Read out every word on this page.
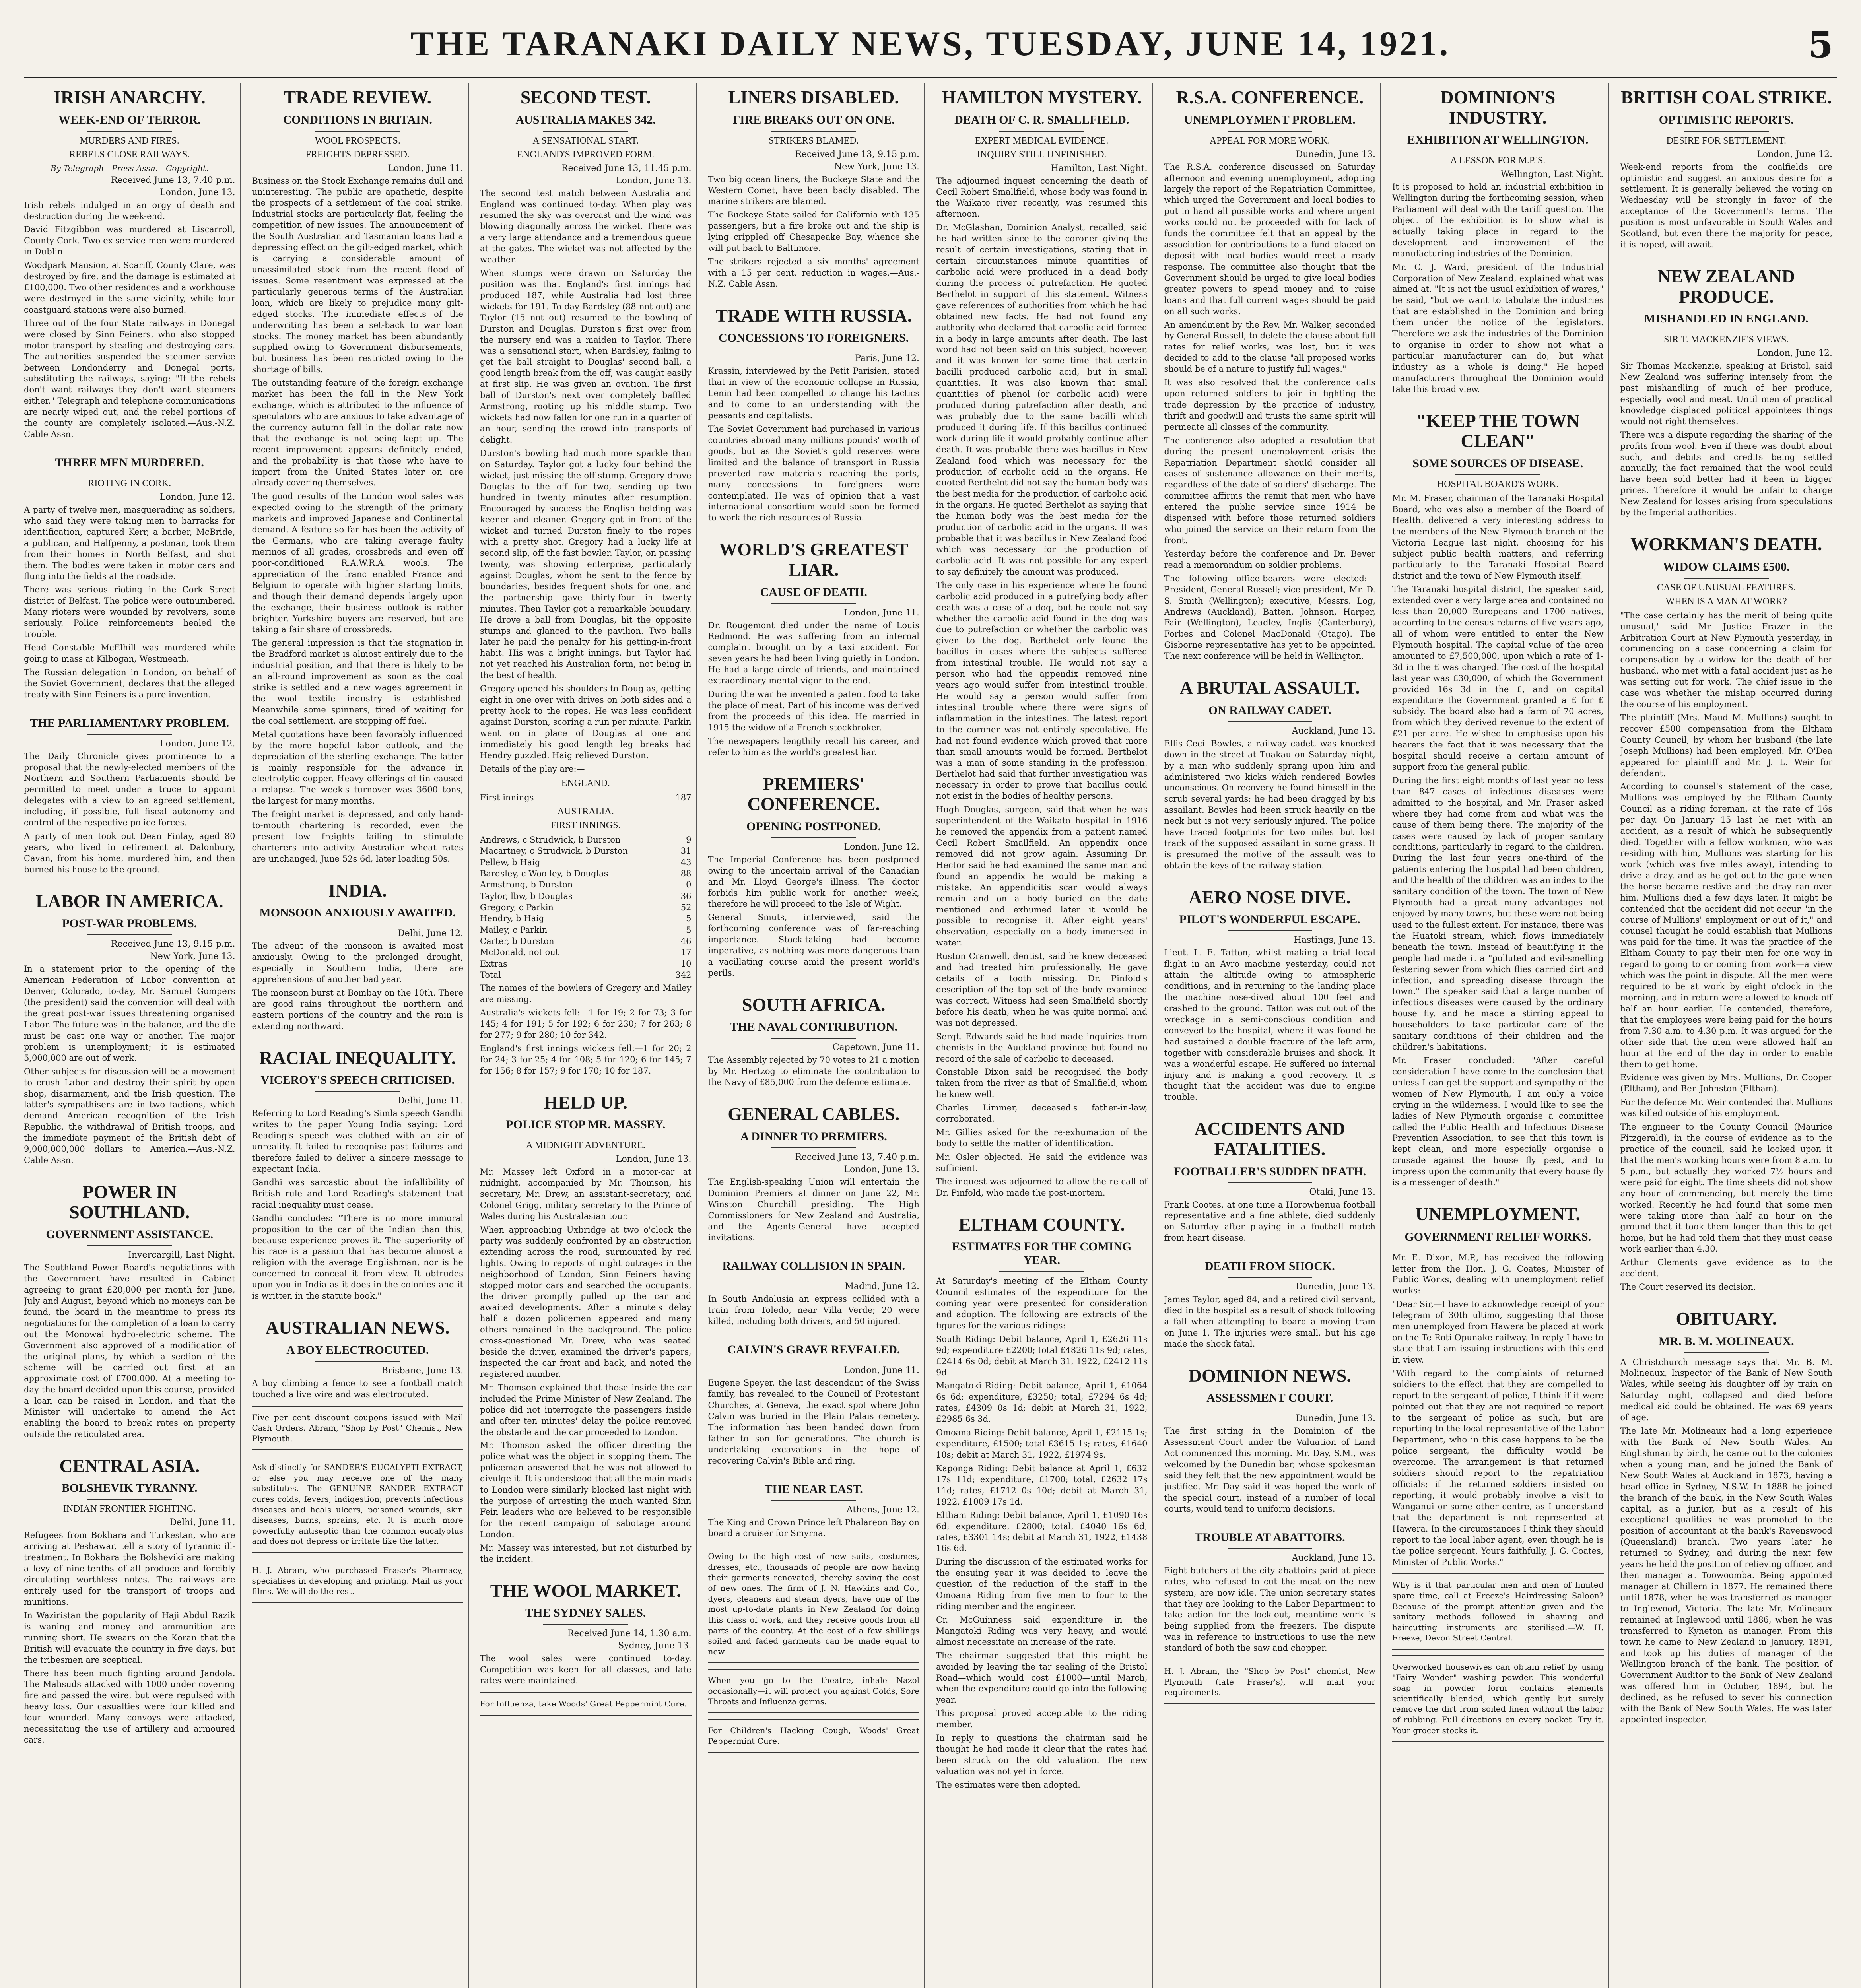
THE TARANAKI DAILY NEWS, TUESDAY, JUNE 14, 1921.	5
IRISH ANARCHY.
WEEK-END OF TERROR.
MURDERS AND FIRES.
REBELS CLOSE RAILWAYS.
By Telegraph—Press Assn.—Copyright.
Received June 13, 7.40 p.m.
London, June 13.

Irish rebels indulged in an orgy of death and destruction during the week-end.

David Fitzgibbon was murdered at Liscarroll, County Cork. Two ex-service men were murdered in Dublin.

Woodpark Mansion, at Scariff, County Clare, was destroyed by fire, and the damage is estimated at £100,000. Two other residences and a workhouse were destroyed in the same vicinity, while four coastguard stations were also burned.

Three out of the four State railways in Donegal were closed by Sinn Feiners, who also stopped motor transport by stealing and destroying cars. The authorities suspended the steamer service between Londonderry and Donegal ports, substituting the railways, saying: "If the rebels don't want railways they don't want steamers either." Telegraph and telephone communications are nearly wiped out, and the rebel portions of the county are completely isolated.—Aus.-N.Z. Cable Assn.

THREE MEN MURDERED.
RIOTING IN CORK.
London, June 12.

A party of twelve men, masquerading as soldiers, who said they were taking men to barracks for identification, captured Kerr, a barber, McBride, a publican, and Halfpenny, a postman, took them from their homes in North Belfast, and shot them. The bodies were taken in motor cars and flung into the fields at the roadside.

There was serious rioting in the Cork Street district of Belfast. The police were outnumbered. Many rioters were wounded by revolvers, some seriously. Police reinforcements healed the trouble.

Head Constable McElhill was murdered while going to mass at Kilbogan, Westmeath.

The Russian delegation in London, on behalf of the Soviet Government, declares that the alleged treaty with Sinn Feiners is a pure invention.

THE PARLIAMENTARY PROBLEM.
London, June 12.

The Daily Chronicle gives prominence to a proposal that the newly-elected members of the Northern and Southern Parliaments should be permitted to meet under a truce to appoint delegates with a view to an agreed settlement, including, if possible, full fiscal autonomy and control of the respective police forces.

A party of men took out Dean Finlay, aged 80 years, who lived in retirement at Dalonbury, Cavan, from his home, murdered him, and then burned his house to the ground.

LABOR IN AMERICA.
POST-WAR PROBLEMS.
Received June 13, 9.15 p.m.
New York, June 13.

In a statement prior to the opening of the American Federation of Labor convention at Denver, Colorado, to-day, Mr. Samuel Gompers (the president) said the convention will deal with the great post-war issues threatening organised Labor. The future was in the balance, and the die must be cast one way or another. The major problem is unemployment; it is estimated 5,000,000 are out of work.

Other subjects for discussion will be a movement to crush Labor and destroy their spirit by open shop, disarmament, and the Irish question. The latter's sympathisers are in two factions, which demand American recognition of the Irish Republic, the withdrawal of British troops, and the immediate payment of the British debt of 9,000,000,000 dollars to America.—Aus.-N.Z. Cable Assn.

POWER IN SOUTHLAND.
GOVERNMENT ASSISTANCE.
Invercargill, Last Night.

The Southland Power Board's negotiations with the Government have resulted in Cabinet agreeing to grant £20,000 per month for June, July and August, beyond which no moneys can be found, the board in the meantime to press its negotiations for the completion of a loan to carry out the Monowai hydro-electric scheme. The Government also approved of a modification of the original plans, by which a section of the scheme will be carried out first at an approximate cost of £700,000. At a meeting to-day the board decided upon this course, provided a loan can be raised in London, and that the Minister will undertake to amend the Act enabling the board to break rates on property outside the reticulated area.

CENTRAL ASIA.
BOLSHEVIK TYRANNY.
INDIAN FRONTIER FIGHTING.
Delhi, June 11.

Refugees from Bokhara and Turkestan, who are arriving at Peshawar, tell a story of tyrannic ill-treatment. In Bokhara the Bolsheviki are making a levy of nine-tenths of all produce and forcibly circulating worthless notes. The railways are entirely used for the transport of troops and munitions.

In Waziristan the popularity of Haji Abdul Razik is waning and money and ammunition are running short. He swears on the Koran that the British will evacuate the country in five days, but the tribesmen are sceptical.

There has been much fighting around Jandola. The Mahsuds attacked with 1000 under covering fire and passed the wire, but were repulsed with heavy loss. Our casualties were four killed and four wounded. Many convoys were attacked, necessitating the use of artillery and armoured cars.

TRADE REVIEW.
CONDITIONS IN BRITAIN.
WOOL PROSPECTS.
FREIGHTS DEPRESSED.
London, June 11.

Business on the Stock Exchange remains dull and uninteresting. The public are apathetic, despite the prospects of a settlement of the coal strike. Industrial stocks are particularly flat, feeling the competition of new issues. The announcement of the South Australian and Tasmanian loans had a depressing effect on the gilt-edged market, which is carrying a considerable amount of unassimilated stock from the recent flood of issues. Some resentment was expressed at the particularly generous terms of the Australian loan, which are likely to prejudice many gilt-edged stocks. The immediate effects of the underwriting has been a set-back to war loan stocks. The money market has been abundantly supplied owing to Government disbursements, but business has been restricted owing to the shortage of bills.

The outstanding feature of the foreign exchange market has been the fall in the New York exchange, which is attributed to the influence of speculators who are anxious to take advantage of the currency autumn fall in the dollar rate now that the exchange is not being kept up. The recent improvement appears definitely ended, and the probability is that those who have to import from the United States later on are already covering themselves.

The good results of the London wool sales was expected owing to the strength of the primary markets and improved Japanese and Continental demand. A feature so far has been the activity of the Germans, who are taking average faulty merinos of all grades, crossbreds and even off poor-conditioned R.A.W.R.A. wools. The appreciation of the franc enabled France and Belgium to operate with higher starting limits, and though their demand depends largely upon the exchange, their business outlook is rather brighter. Yorkshire buyers are reserved, but are taking a fair share of crossbreds.

The general impression is that the stagnation in the Bradford market is almost entirely due to the industrial position, and that there is likely to be an all-round improvement as soon as the coal strike is settled and a new wages agreement in the wool textile industry is established. Meanwhile some spinners, tired of waiting for the coal settlement, are stopping off fuel.

Metal quotations have been favorably influenced by the more hopeful labor outlook, and the depreciation of the sterling exchange. The latter is mainly responsible for the advance in electrolytic copper. Heavy offerings of tin caused a relapse. The week's turnover was 3600 tons, the largest for many months.

The freight market is depressed, and only hand-to-mouth chartering is recorded, even the present low freights failing to stimulate charterers into activity. Australian wheat rates are unchanged, June 52s 6d, later loading 50s.

INDIA.
MONSOON ANXIOUSLY AWAITED.
Delhi, June 12.

The advent of the monsoon is awaited most anxiously. Owing to the prolonged drought, especially in Southern India, there are apprehensions of another bad year.

The monsoon burst at Bombay on the 10th. There are good rains throughout the northern and eastern portions of the country and the rain is extending northward.

RACIAL INEQUALITY.
VICEROY'S SPEECH CRITICISED.
Delhi, June 11.

Referring to Lord Reading's Simla speech Gandhi writes to the paper Young India saying: Lord Reading's speech was clothed with an air of unreality. It failed to recognise past failures and therefore failed to deliver a sincere message to expectant India.

Gandhi was sarcastic about the infallibility of British rule and Lord Reading's statement that racial inequality must cease.

Gandhi concludes: "There is no more immoral proposition to the car of the Indian than this, because experience proves it. The superiority of his race is a passion that has become almost a religion with the average Englishman, nor is he concerned to conceal it from view. It obtrudes upon you in India as it does in the colonies and it is written in the statute book."

AUSTRALIAN NEWS.
A BOY ELECTROCUTED.
Brisbane, June 13.

A boy climbing a fence to see a football match touched a live wire and was electrocuted.

Five per cent discount coupons issued with Mail Cash Orders. Abram, "Shop by Post" Chemist, New Plymouth.

Ask distinctly for SANDER'S EUCALYPTI EXTRACT, or else you may receive one of the many substitutes. The GENUINE SANDER EXTRACT cures colds, fevers, indigestion; prevents infectious diseases and heals ulcers, poisoned wounds, skin diseases, burns, sprains, etc. It is much more powerfully antiseptic than the common eucalyptus and does not depress or irritate like the latter.

H. J. Abram, who purchased Fraser's Pharmacy, specialises in developing and printing. Mail us your films. We will do the rest.

SECOND TEST.
AUSTRALIA MAKES 342.
A SENSATIONAL START.
ENGLAND'S IMPROVED FORM.
Received June 13, 11.45 p.m.
London, June 13.

The second test match between Australia and England was continued to-day. When play was resumed the sky was overcast and the wind was blowing diagonally across the wicket. There was a very large attendance and a tremendous queue at the gates. The wicket was not affected by the weather.

When stumps were drawn on Saturday the position was that England's first innings had produced 187, while Australia had lost three wickets for 191. To-day Bardsley (88 not out) and Taylor (15 not out) resumed to the bowling of Durston and Douglas. Durston's first over from the nursery end was a maiden to Taylor. There was a sensational start, when Bardsley, failing to get the ball straight to Douglas' second ball, a good length break from the off, was caught easily at first slip. He was given an ovation. The first ball of Durston's next over completely baffled Armstrong, rooting up his middle stump. Two wickets had now fallen for one run in a quarter of an hour, sending the crowd into transports of delight.

Durston's bowling had much more sparkle than on Saturday. Taylor got a lucky four behind the wicket, just missing the off stump. Gregory drove Douglas to the off for two, sending up two hundred in twenty minutes after resumption. Encouraged by success the English fielding was keener and cleaner. Gregory got in front of the wicket and turned Durston finely to the ropes with a pretty shot. Gregory had a lucky life at second slip, off the fast bowler. Taylor, on passing twenty, was showing enterprise, particularly against Douglas, whom he sent to the fence by boundaries, besides frequent shots for one, and the partnership gave thirty-four in twenty minutes. Then Taylor got a remarkable boundary. He drove a ball from Douglas, hit the opposite stumps and glanced to the pavilion. Two balls later he paid the penalty for his getting-in-front habit. His was a bright innings, but Taylor had not yet reached his Australian form, not being in the best of health.

Gregory opened his shoulders to Douglas, getting eight in one over with drives on both sides and a pretty hook to the ropes. He was less confident against Durston, scoring a run per minute. Parkin went on in place of Douglas at one and immediately his good length leg breaks had Hendry puzzled. Haig relieved Durston.

Details of the play are:—

ENGLAND.
First innings	187
AUSTRALIA.
FIRST INNINGS.
Andrews, c Strudwick, b Durston	9
Macartney, c Strudwick, b Durston	31
Pellew, b Haig	43
Bardsley, c Woolley, b Douglas	88
Armstrong, b Durston	0
Taylor, lbw, b Douglas	36
Gregory, c Parkin	52
Hendry, b Haig	5
Mailey, c Parkin	5
Carter, b Durston	46
McDonald, not out	17
Extras	10
Total	342

The names of the bowlers of Gregory and Mailey are missing.

Australia's wickets fell:—1 for 19; 2 for 73; 3 for 145; 4 for 191; 5 for 192; 6 for 230; 7 for 263; 8 for 277; 9 for 280; 10 for 342.

England's first innings wickets fell:—1 for 20; 2 for 24; 3 for 25; 4 for 108; 5 for 120; 6 for 145; 7 for 156; 8 for 157; 9 for 170; 10 for 187.

HELD UP.
POLICE STOP MR. MASSEY.
A MIDNIGHT ADVENTURE.
London, June 13.

Mr. Massey left Oxford in a motor-car at midnight, accompanied by Mr. Thomson, his secretary, Mr. Drew, an assistant-secretary, and Colonel Grigg, military secretary to the Prince of Wales during his Australasian tour.

When approaching Uxbridge at two o'clock the party was suddenly confronted by an obstruction extending across the road, surmounted by red lights. Owing to reports of night outrages in the neighborhood of London, Sinn Feiners having stopped motor cars and searched the occupants, the driver promptly pulled up the car and awaited developments. After a minute's delay half a dozen policemen appeared and many others remained in the background. The police cross-questioned Mr. Drew, who was seated beside the driver, examined the driver's papers, inspected the car front and back, and noted the registered number.

Mr. Thomson explained that those inside the car included the Prime Minister of New Zealand. The police did not interrogate the passengers inside and after ten minutes' delay the police removed the obstacle and the car proceeded to London.

Mr. Thomson asked the officer directing the police what was the object in stopping them. The policeman answered that he was not allowed to divulge it. It is understood that all the main roads to London were similarly blocked last night with the purpose of arresting the much wanted Sinn Fein leaders who are believed to be responsible for the recent campaign of sabotage around London.

Mr. Massey was interested, but not disturbed by the incident.

THE WOOL MARKET.
THE SYDNEY SALES.
Received June 14, 1.30 a.m.
Sydney, June 13.

The wool sales were continued to-day. Competition was keen for all classes, and late rates were maintained.

For Influenza, take Woods' Great Peppermint Cure.

LINERS DISABLED.
FIRE BREAKS OUT ON ONE.
STRIKERS BLAMED.
Received June 13, 9.15 p.m.
New York, June 13.

Two big ocean liners, the Buckeye State and the Western Comet, have been badly disabled. The marine strikers are blamed.

The Buckeye State sailed for California with 135 passengers, but a fire broke out and the ship is lying crippled off Chesapeake Bay, whence she will put back to Baltimore.

The strikers rejected a six months' agreement with a 15 per cent. reduction in wages.—Aus.-N.Z. Cable Assn.

TRADE WITH RUSSIA.
CONCESSIONS TO FOREIGNERS.
Paris, June 12.

Krassin, interviewed by the Petit Parisien, stated that in view of the economic collapse in Russia, Lenin had been compelled to change his tactics and to come to an understanding with the peasants and capitalists.

The Soviet Government had purchased in various countries abroad many millions pounds' worth of goods, but as the Soviet's gold reserves were limited and the balance of transport in Russia prevented raw materials reaching the ports, many concessions to foreigners were contemplated. He was of opinion that a vast international consortium would soon be formed to work the rich resources of Russia.

WORLD'S GREATEST LIAR.
CAUSE OF DEATH.
London, June 11.

Dr. Rougemont died under the name of Louis Redmond. He was suffering from an internal complaint brought on by a taxi accident. For seven years he had been living quietly in London. He had a large circle of friends, and maintained extraordinary mental vigor to the end.

During the war he invented a patent food to take the place of meat. Part of his income was derived from the proceeds of this idea. He married in 1915 the widow of a French stockbroker.

The newspapers lengthily recall his career, and refer to him as the world's greatest liar.

PREMIERS' CONFERENCE.
OPENING POSTPONED.
London, June 12.

The Imperial Conference has been postponed owing to the uncertain arrival of the Canadian and Mr. Lloyd George's illness. The doctor forbids him public work for another week, therefore he will proceed to the Isle of Wight.

General Smuts, interviewed, said the forthcoming conference was of far-reaching importance. Stock-taking had become imperative, as nothing was more dangerous than a vacillating course amid the present world's perils.

SOUTH AFRICA.
THE NAVAL CONTRIBUTION.
Capetown, June 11.

The Assembly rejected by 70 votes to 21 a motion by Mr. Hertzog to eliminate the contribution to the Navy of £85,000 from the defence estimate.

GENERAL CABLES.
A DINNER TO PREMIERS.
Received June 13, 7.40 p.m.
London, June 13.

The English-speaking Union will entertain the Dominion Premiers at dinner on June 22, Mr. Winston Churchill presiding. The High Commissioners for New Zealand and Australia, and the Agents-General have accepted invitations.

RAILWAY COLLISION IN SPAIN.
Madrid, June 12.

In South Andalusia an express collided with a train from Toledo, near Villa Verde; 20 were killed, including both drivers, and 50 injured.

CALVIN'S GRAVE REVEALED.
London, June 11.

Eugene Speyer, the last descendant of the Swiss family, has revealed to the Council of Protestant Churches, at Geneva, the exact spot where John Calvin was buried in the Plain Palais cemetery. The information has been handed down from father to son for generations. The church is undertaking excavations in the hope of recovering Calvin's Bible and ring.

THE NEAR EAST.
Athens, June 12.

The King and Crown Prince left Phalareon Bay on board a cruiser for Smyrna.

Owing to the high cost of new suits, costumes, dresses, etc., thousands of people are now having their garments renovated, thereby saving the cost of new ones. The firm of J. N. Hawkins and Co., dyers, cleaners and steam dyers, have one of the most up-to-date plants in New Zealand for doing this class of work, and they receive goods from all parts of the country. At the cost of a few shillings soiled and faded garments can be made equal to new.

When you go to the theatre, inhale Nazol occasionally—it will protect you against Colds, Sore Throats and Influenza germs.

For Children's Hacking Cough, Woods' Great Peppermint Cure.

HAMILTON MYSTERY.
DEATH OF C. R. SMALLFIELD.
EXPERT MEDICAL EVIDENCE.
INQUIRY STILL UNFINISHED.
Hamilton, Last Night.

The adjourned inquest concerning the death of Cecil Robert Smallfield, whose body was found in the Waikato river recently, was resumed this afternoon.

Dr. McGlashan, Dominion Analyst, recalled, said he had written since to the coroner giving the result of certain investigations, stating that in certain circumstances minute quantities of carbolic acid were produced in a dead body during the process of putrefaction. He quoted Berthelot in support of this statement. Witness gave references of authorities from which he had obtained new facts. He had not found any authority who declared that carbolic acid formed in a body in large amounts after death. The last word had not been said on this subject, however, and it was known for some time that certain bacilli produced carbolic acid, but in small quantities. It was also known that small quantities of phenol (or carbolic acid) were produced during putrefaction after death, and was probably due to the same bacilli which produced it during life. If this bacillus continued work during life it would probably continue after death. It was probable there was bacillus in New Zealand food which was necessary for the production of carbolic acid in the organs. He quoted Berthelot did not say the human body was the best media for the production of carbolic acid in the organs. He quoted Berthelot as saying that the human body was the best media for the production of carbolic acid in the organs. It was probable that it was bacillus in New Zealand food which was necessary for the production of carbolic acid. It was not possible for any expert to say definitely the amount was produced.

The only case in his experience where he found carbolic acid produced in a putrefying body after death was a case of a dog, but he could not say whether the carbolic acid found in the dog was due to putrefaction or whether the carbolic was given to the dog. Berthelot only found the bacillus in cases where the subjects suffered from intestinal trouble. He would not say a person who had the appendix removed nine years ago would suffer from intestinal trouble. He would say a person would suffer from intestinal trouble where there were signs of inflammation in the intestines. The latest report to the coroner was not entirely speculative. He had not found evidence which proved that more than small amounts would be formed. Berthelot was a man of some standing in the profession. Berthelot had said that further investigation was necessary in order to prove that bacillus could not exist in the bodies of healthy persons.

Hugh Douglas, surgeon, said that when he was superintendent of the Waikato hospital in 1916 he removed the appendix from a patient named Cecil Robert Smallfield. An appendix once removed did not grow again. Assuming Dr. Hector said he had examined the same man and found an appendix he would be making a mistake. An appendicitis scar would always remain and on a body buried on the date mentioned and exhumed later it would be possible to recognise it. After eight years' observation, especially on a body immersed in water.

Ruston Cranwell, dentist, said he knew deceased and had treated him professionally. He gave details of a tooth missing. Dr. Pinfold's description of the top set of the body examined was correct. Witness had seen Smallfield shortly before his death, when he was quite normal and was not depressed.

Sergt. Edwards said he had made inquiries from chemists in the Auckland province but found no record of the sale of carbolic to deceased.

Constable Dixon said he recognised the body taken from the river as that of Smallfield, whom he knew well.

Charles Limmer, deceased's father-in-law, corroborated.

Mr. Gillies asked for the re-exhumation of the body to settle the matter of identification.

Mr. Osler objected. He said the evidence was sufficient.

The inquest was adjourned to allow the re-call of Dr. Pinfold, who made the post-mortem.

ELTHAM COUNTY.
ESTIMATES FOR THE COMING YEAR.

At Saturday's meeting of the Eltham County Council estimates of the expenditure for the coming year were presented for consideration and adoption. The following are extracts of the figures for the various ridings:

South Riding: Debit balance, April 1, £2626 11s 9d; expenditure £2200; total £4826 11s 9d; rates, £2414 6s 0d; debit at March 31, 1922, £2412 11s 9d.

Mangatoki Riding: Debit balance, April 1, £1064 6s 6d; expenditure, £3250; total, £7294 6s 4d; rates, £4309 0s 1d; debit at March 31, 1922, £2985 6s 3d.

Omoana Riding: Debit balance, April 1, £2115 1s; expenditure, £1500; total £3615 1s; rates, £1640 10s; debit at March 31, 1922, £1974 9s.

Kaponga Riding: Debit balance at April 1, £632 17s 11d; expenditure, £1700; total, £2632 17s 11d; rates, £1712 0s 10d; debit at March 31, 1922, £1009 17s 1d.

Eltham Riding: Debit balance, April 1, £1090 16s 6d; expenditure, £2800; total, £4040 16s 6d; rates, £3301 14s; debit at March 31, 1922, £1438 16s 6d.

During the discussion of the estimated works for the ensuing year it was decided to leave the question of the reduction of the staff in the Omoana Riding from five men to four to the riding member and the engineer.

Cr. McGuinness said expenditure in the Mangatoki Riding was very heavy, and would almost necessitate an increase of the rate.

The chairman suggested that this might be avoided by leaving the tar sealing of the Bristol Road—which would cost £1000—until March, when the expenditure could go into the following year.

This proposal proved acceptable to the riding member.

In reply to questions the chairman said he thought he had made it clear that the rates had been struck on the old valuation. The new valuation was not yet in force.

The estimates were then adopted.

R.S.A. CONFERENCE.
UNEMPLOYMENT PROBLEM.
APPEAL FOR MORE WORK.
Dunedin, June 13.

The R.S.A. conference discussed on Saturday afternoon and evening unemployment, adopting largely the report of the Repatriation Committee, which urged the Government and local bodies to put in hand all possible works and where urgent works could not be proceeded with for lack of funds the committee felt that an appeal by the association for contributions to a fund placed on deposit with local bodies would meet a ready response. The committee also thought that the Government should be urged to give local bodies greater powers to spend money and to raise loans and that full current wages should be paid on all such works.

An amendment by the Rev. Mr. Walker, seconded by General Russell, to delete the clause about full rates for relief works, was lost, but it was decided to add to the clause "all proposed works should be of a nature to justify full wages."

It was also resolved that the conference calls upon returned soldiers to join in fighting the trade depression by the practice of industry, thrift and goodwill and trusts the same spirit will permeate all classes of the community.

The conference also adopted a resolution that during the present unemployment crisis the Repatriation Department should consider all cases of sustenance allowance on their merits, regardless of the date of soldiers' discharge. The committee affirms the remit that men who have entered the public service since 1914 be dispensed with before those returned soldiers who joined the service on their return from the front.

Yesterday before the conference and Dr. Bever read a memorandum on soldier problems.

The following office-bearers were elected:—President, General Russell; vice-president, Mr. D. S. Smith (Wellington); executive, Messrs. Log, Andrews (Auckland), Batten, Johnson, Harper, Fair (Wellington), Leadley, Inglis (Canterbury), Forbes and Colonel MacDonald (Otago). The Gisborne representative has yet to be appointed. The next conference will be held in Wellington.

A BRUTAL ASSAULT.
ON RAILWAY CADET.
Auckland, June 13.

Ellis Cecil Bowles, a railway cadet, was knocked down in the street at Tuakau on Saturday night, by a man who suddenly sprang upon him and administered two kicks which rendered Bowles unconscious. On recovery he found himself in the scrub several yards; he had been dragged by his assailant. Bowles had been struck heavily on the neck but is not very seriously injured. The police have traced footprints for two miles but lost track of the supposed assailant in some grass. It is presumed the motive of the assault was to obtain the keys of the railway station.

AERO NOSE DIVE.
PILOT'S WONDERFUL ESCAPE.
Hastings, June 13.

Lieut. L. E. Tatton, whilst making a trial local flight in an Avro machine yesterday, could not attain the altitude owing to atmospheric conditions, and in returning to the landing place the machine nose-dived about 100 feet and crashed to the ground. Tatton was cut out of the wreckage in a semi-conscious condition and conveyed to the hospital, where it was found he had sustained a double fracture of the left arm, together with considerable bruises and shock. It was a wonderful escape. He suffered no internal injury and is making a good recovery. It is thought that the accident was due to engine trouble.

ACCIDENTS AND FATALITIES.
FOOTBALLER'S SUDDEN DEATH.
Otaki, June 13.

Frank Cootes, at one time a Horowhenua football representative and a fine athlete, died suddenly on Saturday after playing in a football match from heart disease.

DEATH FROM SHOCK.
Dunedin, June 13.

James Taylor, aged 84, and a retired civil servant, died in the hospital as a result of shock following a fall when attempting to board a moving tram on June 1. The injuries were small, but his age made the shock fatal.

DOMINION NEWS.
ASSESSMENT COURT.
Dunedin, June 13.

The first sitting in the Dominion of the Assessment Court under the Valuation of Land Act commenced this morning. Mr. Day, S.M., was welcomed by the Dunedin bar, whose spokesman said they felt that the new appointment would be justified. Mr. Day said it was hoped the work of the special court, instead of a number of local courts, would tend to uniform decisions.

TROUBLE AT ABATTOIRS.
Auckland, June 13.

Eight butchers at the city abattoirs paid at piece rates, who refused to cut the meat on the new system, are now idle. The union secretary states that they are looking to the Labor Department to take action for the lock-out, meantime work is being supplied from the freezers. The dispute was in reference to instructions to use the new standard of both the saw and chopper.

H. J. Abram, the "Shop by Post" chemist, New Plymouth (late Fraser's), will mail your requirements.

DOMINION'S INDUSTRY.
EXHIBITION AT WELLINGTON.
A LESSON FOR M.P.'S.
Wellington, Last Night.

It is proposed to hold an industrial exhibition in Wellington during the forthcoming session, when Parliament will deal with the tariff question. The object of the exhibition is to show what is actually taking place in regard to the development and improvement of the manufacturing industries of the Dominion.

Mr. C. J. Ward, president of the Industrial Corporation of New Zealand, explained what was aimed at. "It is not the usual exhibition of wares," he said, "but we want to tabulate the industries that are established in the Dominion and bring them under the notice of the legislators. Therefore we ask the industries of the Dominion to organise in order to show not what a particular manufacturer can do, but what industry as a whole is doing." He hoped manufacturers throughout the Dominion would take this broad view.

"KEEP THE TOWN CLEAN"
SOME SOURCES OF DISEASE.
HOSPITAL BOARD'S WORK.

Mr. M. Fraser, chairman of the Taranaki Hospital Board, who was also a member of the Board of Health, delivered a very interesting address to the members of the New Plymouth branch of the Victoria League last night, choosing for his subject public health matters, and referring particularly to the Taranaki Hospital Board district and the town of New Plymouth itself.

The Taranaki hospital district, the speaker said, extended over a very large area and contained no less than 20,000 Europeans and 1700 natives, according to the census returns of five years ago, all of whom were entitled to enter the New Plymouth hospital. The capital value of the area amounted to £7,500,000, upon which a rate of 1-3d in the £ was charged. The cost of the hospital last year was £30,000, of which the Government provided 16s 3d in the £, and on capital expenditure the Government granted a £ for £ subsidy. The board also had a farm of 70 acres, from which they derived revenue to the extent of £21 per acre. He wished to emphasise upon his hearers the fact that it was necessary that the hospital should receive a certain amount of support from the general public.

During the first eight months of last year no less than 847 cases of infectious diseases were admitted to the hospital, and Mr. Fraser asked where they had come from and what was the cause of them being there. The majority of the cases were caused by lack of proper sanitary conditions, particularly in regard to the children. During the last four years one-third of the patients entering the hospital had been children, and the health of the children was an index to the sanitary condition of the town. The town of New Plymouth had a great many advantages not enjoyed by many towns, but these were not being used to the fullest extent. For instance, there was the Huatoki stream, which flows immediately beneath the town. Instead of beautifying it the people had made it a "polluted and evil-smelling festering sewer from which flies carried dirt and infection, and spreading disease through the town." The speaker said that a large number of infectious diseases were caused by the ordinary house fly, and he made a stirring appeal to householders to take particular care of the sanitary conditions of their children and the children's habitations.

Mr. Fraser concluded: "After careful consideration I have come to the conclusion that unless I can get the support and sympathy of the women of New Plymouth, I am only a voice crying in the wilderness. I would like to see the ladies of New Plymouth organise a committee called the Public Health and Infectious Disease Prevention Association, to see that this town is kept clean, and more especially organise a crusade against the house fly pest, and to impress upon the community that every house fly is a messenger of death."

UNEMPLOYMENT.
GOVERNMENT RELIEF WORKS.

Mr. E. Dixon, M.P., has received the following letter from the Hon. J. G. Coates, Minister of Public Works, dealing with unemployment relief works:

"Dear Sir,—I have to acknowledge receipt of your telegram of 30th ultimo, suggesting that those men unemployed from Hawera be placed at work on the Te Roti-Opunake railway. In reply I have to state that I am issuing instructions with this end in view.

"With regard to the complaints of returned soldiers to the effect that they are compelled to report to the sergeant of police, I think if it were pointed out that they are not required to report to the sergeant of police as such, but are reporting to the local representative of the Labor Department, who in this case happens to be the police sergeant, the difficulty would be overcome. The arrangement is that returned soldiers should report to the repatriation officials; if the returned soldiers insisted on reporting, it would probably involve a visit to Wanganui or some other centre, as I understand that the department is not represented at Hawera. In the circumstances I think they should report to the local labor agent, even though he is the police sergeant. Yours faithfully, J. G. Coates, Minister of Public Works."

Why is it that particular men and men of limited spare time, call at Freeze's Hairdressing Saloon? Because of the prompt attention given and the sanitary methods followed in shaving and haircutting instruments are sterilised.—W. H. Freeze, Devon Street Central.

Overworked housewives can obtain relief by using "Fairy Wonder" washing powder. This wonderful soap in powder form contains elements scientifically blended, which gently but surely remove the dirt from soiled linen without the labor of rubbing. Full directions on every packet. Try it. Your grocer stocks it.

BRITISH COAL STRIKE.
OPTIMISTIC REPORTS.
DESIRE FOR SETTLEMENT.
London, June 12.

Week-end reports from the coalfields are optimistic and suggest an anxious desire for a settlement. It is generally believed the voting on Wednesday will be strongly in favor of the acceptance of the Government's terms. The position is most unfavorable in South Wales and Scotland, but even there the majority for peace, it is hoped, will await.

NEW ZEALAND PRODUCE.
MISHANDLED IN ENGLAND.
SIR T. MACKENZIE'S VIEWS.
London, June 12.

Sir Thomas Mackenzie, speaking at Bristol, said New Zealand was suffering intensely from the past mishandling of much of her produce, especially wool and meat. Until men of practical knowledge displaced political appointees things would not right themselves.

There was a dispute regarding the sharing of the profits from wool. Even if there was doubt about such, and debits and credits being settled annually, the fact remained that the wool could have been sold better had it been in bigger prices. Therefore it would be unfair to charge New Zealand for losses arising from speculations by the Imperial authorities.

WORKMAN'S DEATH.
WIDOW CLAIMS £500.
CASE OF UNUSUAL FEATURES.
WHEN IS A MAN AT WORK?

"The case certainly has the merit of being quite unusual," said Mr. Justice Frazer in the Arbitration Court at New Plymouth yesterday, in commencing on a case concerning a claim for compensation by a widow for the death of her husband, who met with a fatal accident just as he was setting out for work. The chief issue in the case was whether the mishap occurred during the course of his employment.

The plaintiff (Mrs. Maud M. Mullions) sought to recover £500 compensation from the Eltham County Council, by whom her husband (the late Joseph Mullions) had been employed. Mr. O'Dea appeared for plaintiff and Mr. J. L. Weir for defendant.

According to counsel's statement of the case, Mullions was employed by the Eltham County Council as a riding foreman, at the rate of 16s per day. On January 15 last he met with an accident, as a result of which he subsequently died. Together with a fellow workman, who was residing with him, Mullions was starting for his work (which was five miles away), intending to drive a dray, and as he got out to the gate when the horse became restive and the dray ran over him. Mullions died a few days later. It might be contended that the accident did not occur "in the course of Mullions' employment or out of it," and counsel thought he could establish that Mullions was paid for the time. It was the practice of the Eltham County to pay their men for one way in regard to going to or coming from work—a view which was the point in dispute. All the men were required to be at work by eight o'clock in the morning, and in return were allowed to knock off half an hour earlier. He contended, therefore, that the employees were being paid for the hours from 7.30 a.m. to 4.30 p.m. It was argued for the other side that the men were allowed half an hour at the end of the day in order to enable them to get home.

Evidence was given by Mrs. Mullions, Dr. Cooper (Eltham), and Ben Johnston (Eltham).

For the defence Mr. Weir contended that Mullions was killed outside of his employment.

The engineer to the County Council (Maurice Fitzgerald), in the course of evidence as to the practice of the council, said he looked upon it that the men's working hours were from 8 a.m. to 5 p.m., but actually they worked 7½ hours and were paid for eight. The time sheets did not show any hour of commencing, but merely the time worked. Recently he had found that some men were taking more than half an hour on the ground that it took them longer than this to get home, but he had told them that they must cease work earlier than 4.30.

Arthur Clements gave evidence as to the accident.

The Court reserved its decision.

OBITUARY.
MR. B. M. MOLINEAUX.

A Christchurch message says that Mr. B. M. Molineaux, Inspector of the Bank of New South Wales, while seeing his daughter off by train on Saturday night, collapsed and died before medical aid could be obtained. He was 69 years of age.

The late Mr. Molineaux had a long experience with the Bank of New South Wales. An Englishman by birth, he came out to the colonies when a young man, and he joined the Bank of New South Wales at Auckland in 1873, having a head office in Sydney, N.S.W. In 1888 he joined the branch of the bank, in the New South Wales capital, as a junior, but as a result of his exceptional qualities he was promoted to the position of accountant at the bank's Ravenswood (Queensland) branch. Two years later he returned to Sydney, and during the next few years he held the position of relieving officer, and then manager at Toowoomba. Being appointed manager at Chillern in 1877. He remained there until 1878, when he was transferred as manager to Inglewood, Victoria. The late Mr. Molineaux remained at Inglewood until 1886, when he was transferred to Kyneton as manager. From this town he came to New Zealand in January, 1891, and took up his duties of manager of the Wellington branch of the bank. The position of Government Auditor to the Bank of New Zealand was offered him in October, 1894, but he declined, as he refused to sever his connection with the Bank of New South Wales. He was later appointed inspector.
